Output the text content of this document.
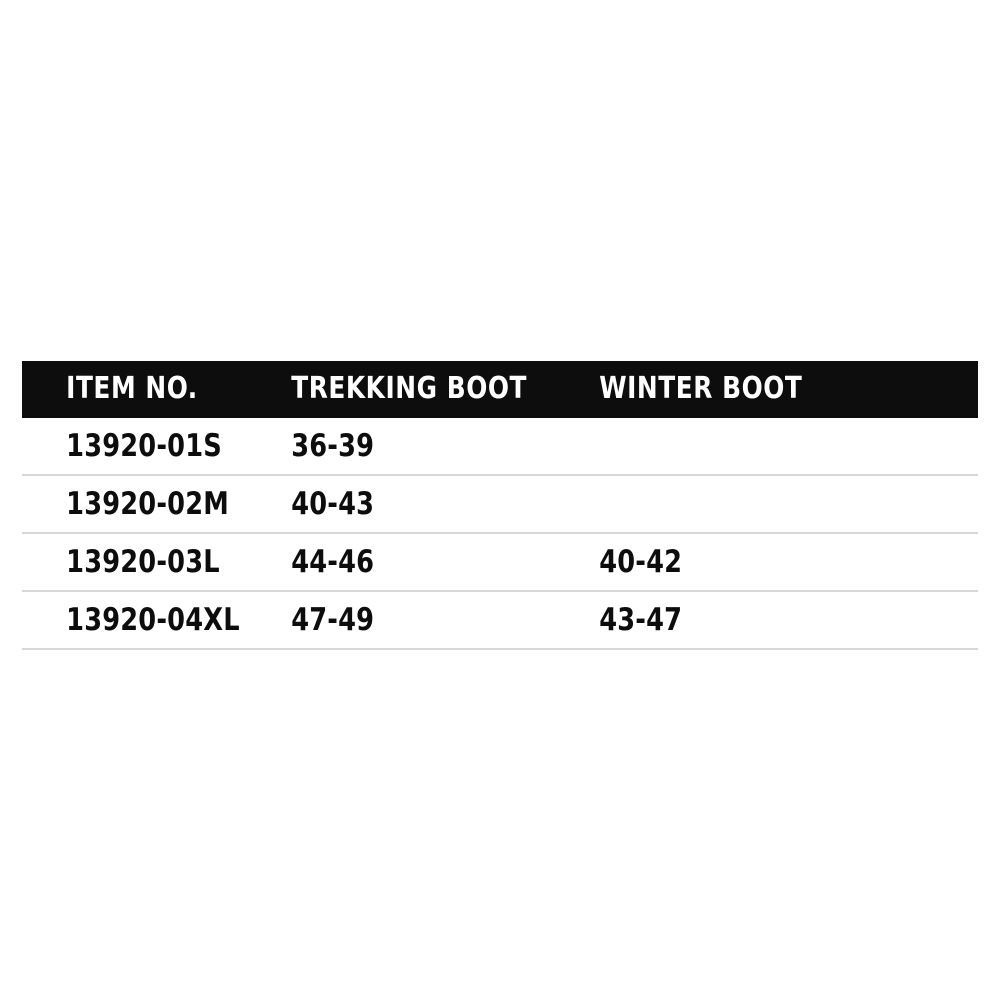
ITEM NO.	TREKKING BOOT	WINTER BOOT
13920-01S	36-39	
13920-02M	40-43	
13920-03L	44-46	40-42
13920-04XL	47-49	43-47
